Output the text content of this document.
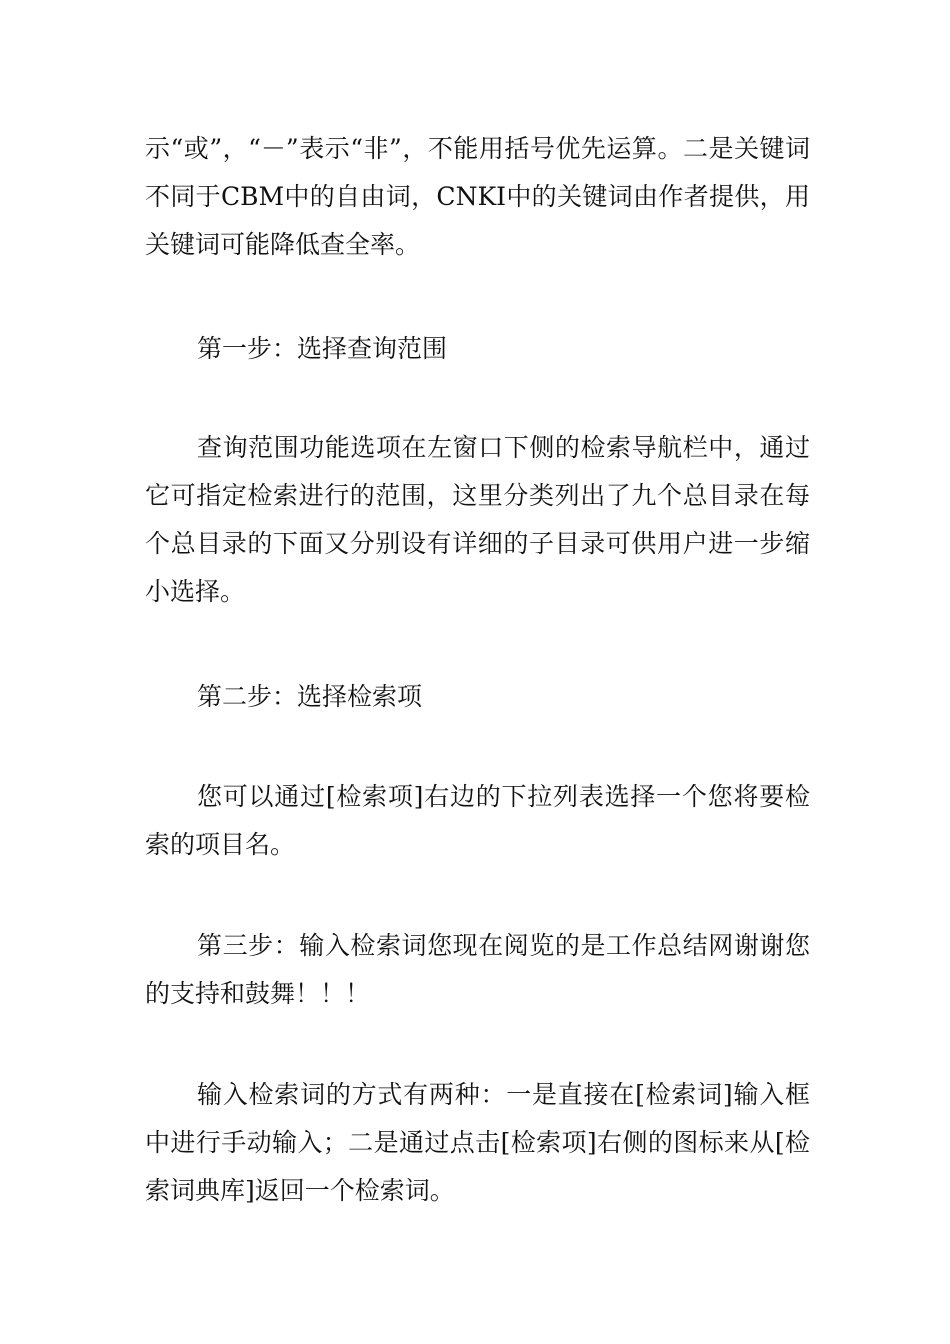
示“或”，“－”表示“非”，不能用括号优先运算。二是关键词不同于CBM中的自由词，CNKI中的关键词由作者提供，用关键词可能降低查全率。

第一步：选择查询范围

查询范围功能选项在左窗口下侧的检索导航栏中，通过它可指定检索进行的范围，这里分类列出了九个总目录在每个总目录的下面又分别设有详细的子目录可供用户进一步缩小选择。

第二步：选择检索项

您可以通过[检索项]右边的下拉列表选择一个您将要检索的项目名。

第三步：输入检索词您现在阅览的是工作总结网谢谢您的支持和鼓舞！！！

输入检索词的方式有两种：一是直接在[检索词]输入框中进行手动输入；二是通过点击[检索项]右侧的图标来从[检索词典库]返回一个检索词。
